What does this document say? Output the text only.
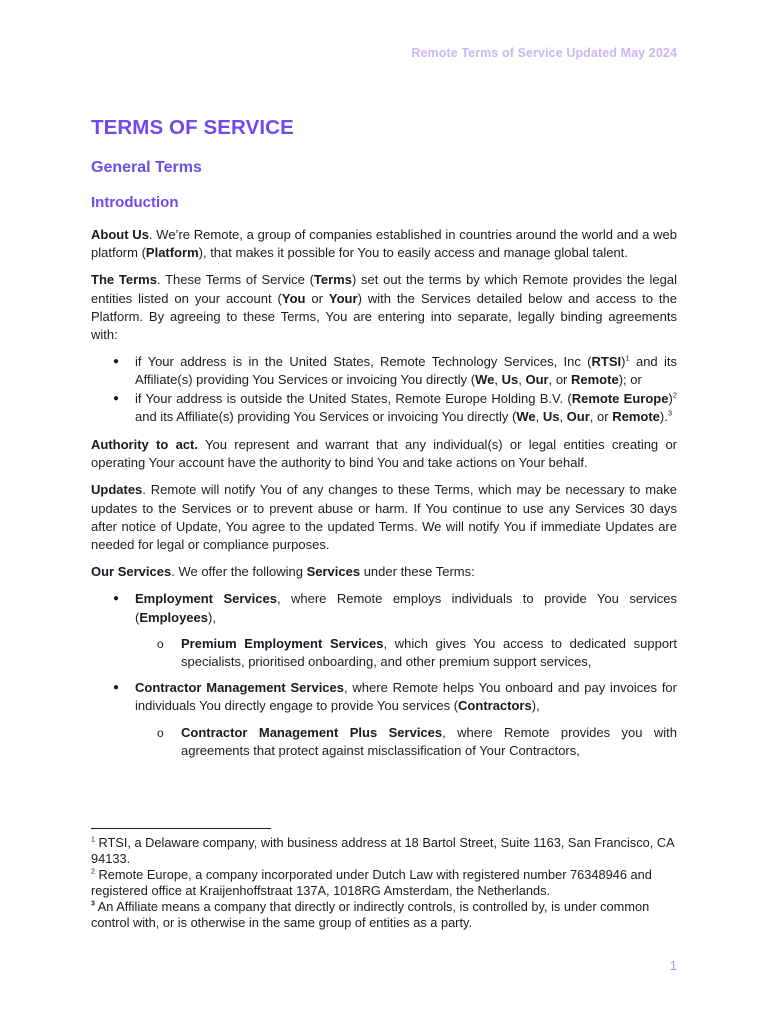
Remote Terms of Service Updated May 2024
TERMS OF SERVICE
General Terms
Introduction

About Us. We’re Remote, a group of companies established in countries around the world and a web platform (Platform), that makes it possible for You to easily access and manage global talent.

The Terms. These Terms of Service (Terms) set out the terms by which Remote provides the legal entities listed on your account (You or Your) with the Services detailed below and access to the Platform. By agreeing to these Terms, You are entering into separate, legally binding agreements with:

● if Your address is in the United States, Remote Technology Services, Inc (RTSI)$^1$ and its Affiliate(s) providing You Services or invoicing You directly (We, Us, Our, or Remote); or
● if Your address is outside the United States, Remote Europe Holding B.V. (Remote Europe)$^2$ and its Affiliate(s) providing You Services or invoicing You directly (We, Us, Our, or Remote).$^3$

Authority to act. You represent and warrant that any individual(s) or legal entities creating or operating Your account have the authority to bind You and take actions on Your behalf.

Updates. Remote will notify You of any changes to these Terms, which may be necessary to make updates to the Services or to prevent abuse or harm. If You continue to use any Services 30 days after notice of Update, You agree to the updated Terms. We will notify You if immediate Updates are needed for legal or compliance purposes.

Our Services. We offer the following Services under these Terms:

● Employment Services, where Remote employs individuals to provide You services (Employees),
o Premium Employment Services, which gives You access to dedicated support specialists, prioritised onboarding, and other premium support services,
● Contractor Management Services, where Remote helps You onboard and pay invoices for individuals You directly engage to provide You services (Contractors),
o Contractor Management Plus Services, where Remote provides you with agreements that protect against misclassification of Your Contractors,

$^1$ RTSI, a Delaware company, with business address at 18 Bartol Street, Suite 1163, San Francisco, CA 94133.

$^2$ Remote Europe, a company incorporated under Dutch Law with registered number 76348946 and registered office at Kraijenhoffstraat 137A, 1018RG Amsterdam, the Netherlands.

$^3$ An Affiliate means a company that directly or indirectly controls, is controlled by, is under common control with, or is otherwise in the same group of entities as a party.

1
